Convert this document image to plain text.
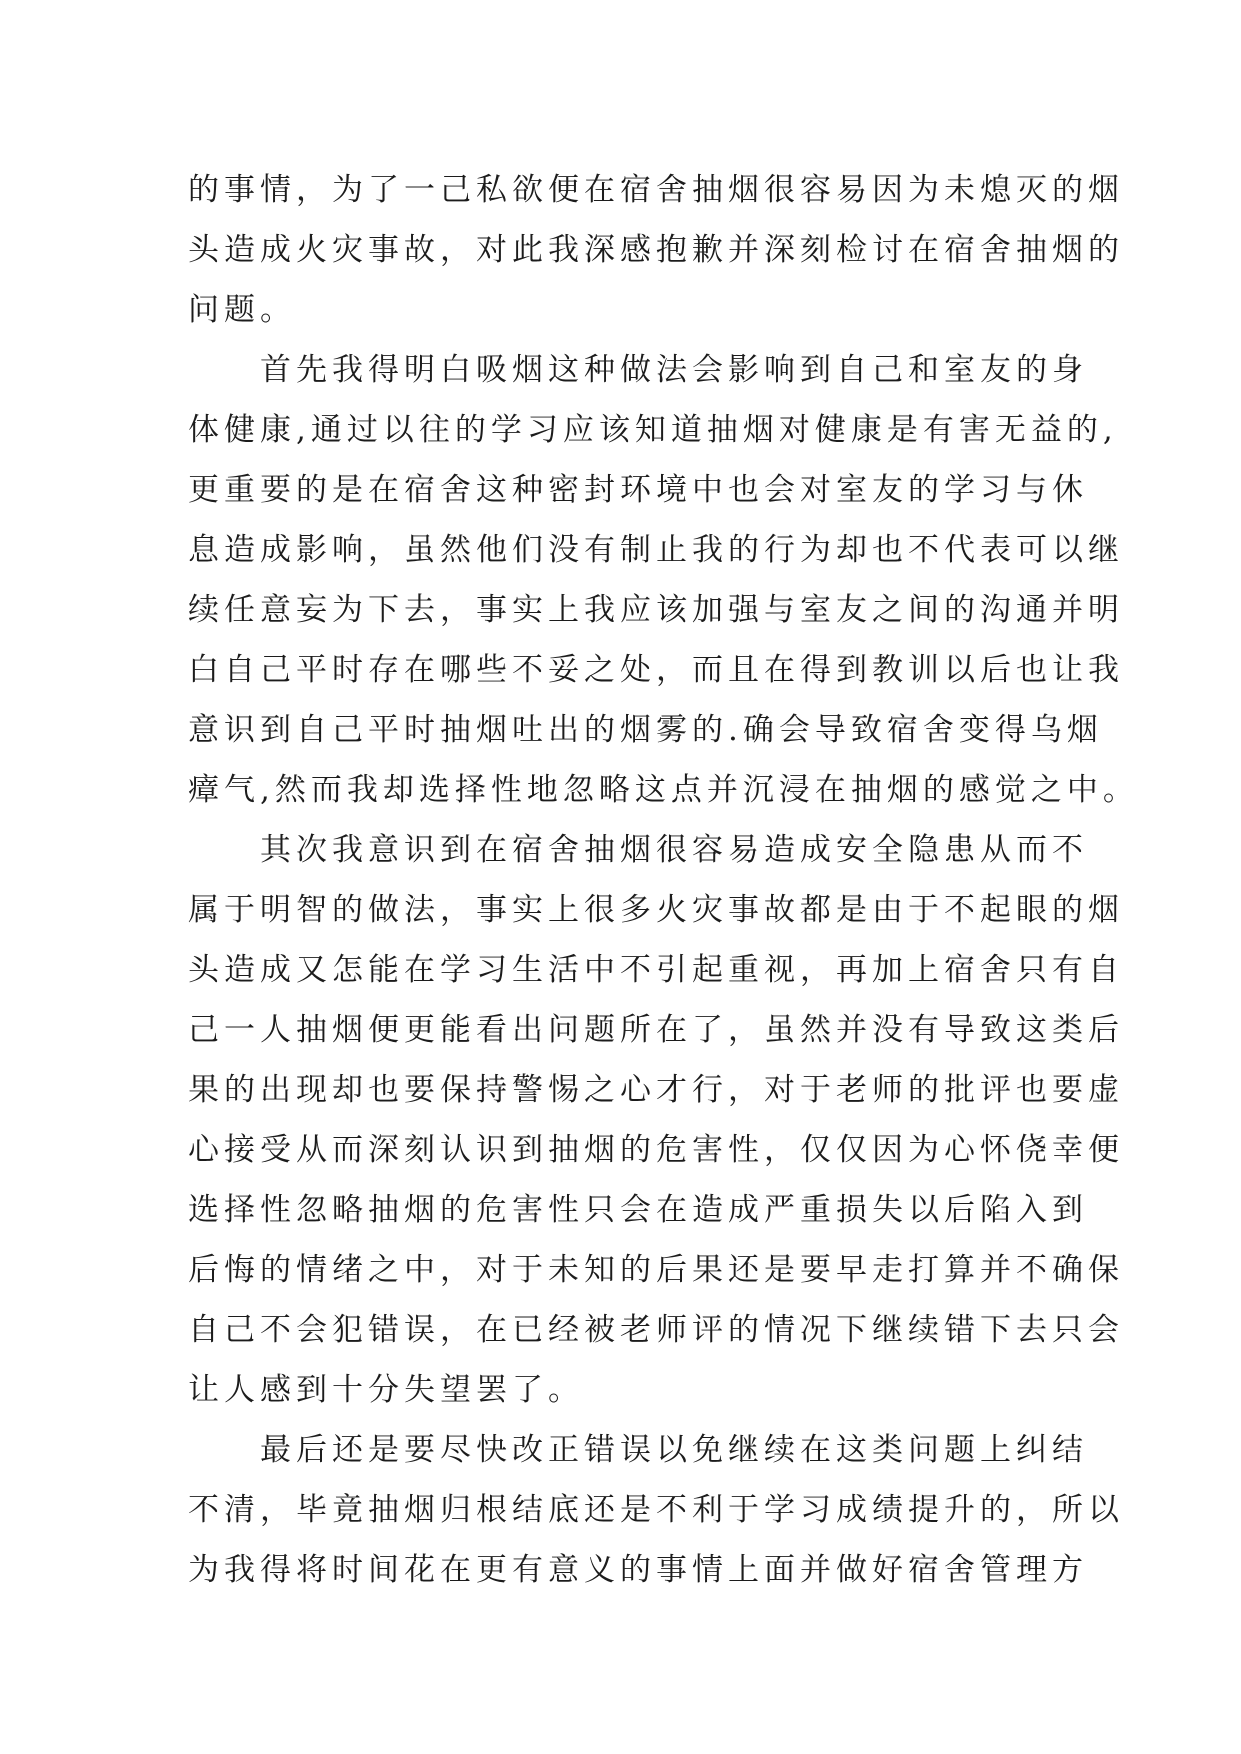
的事情，为了一己私欲便在宿舍抽烟很容易因为未熄灭的烟
头造成火灾事故，对此我深感抱歉并深刻检讨在宿舍抽烟的
问题。
首先我得明白吸烟这种做法会影响到自己和室友的身
体健康,通过以往的学习应该知道抽烟对健康是有害无益的,
更重要的是在宿舍这种密封环境中也会对室友的学习与休
息造成影响，虽然他们没有制止我的行为却也不代表可以继
续任意妄为下去，事实上我应该加强与室友之间的沟通并明
白自己平时存在哪些不妥之处，而且在得到教训以后也让我
意识到自己平时抽烟吐出的烟雾的.确会导致宿舍变得乌烟
瘴气,然而我却选择性地忽略这点并沉浸在抽烟的感觉之中。
其次我意识到在宿舍抽烟很容易造成安全隐患从而不
属于明智的做法，事实上很多火灾事故都是由于不起眼的烟
头造成又怎能在学习生活中不引起重视，再加上宿舍只有自
己一人抽烟便更能看出问题所在了，虽然并没有导致这类后
果的出现却也要保持警惕之心才行，对于老师的批评也要虚
心接受从而深刻认识到抽烟的危害性，仅仅因为心怀侥幸便
选择性忽略抽烟的危害性只会在造成严重损失以后陷入到
后悔的情绪之中，对于未知的后果还是要早走打算并不确保
自己不会犯错误，在已经被老师评的情况下继续错下去只会
让人感到十分失望罢了。
最后还是要尽快改正错误以免继续在这类问题上纠结
不清，毕竟抽烟归根结底还是不利于学习成绩提升的，所以
为我得将时间花在更有意义的事情上面并做好宿舍管理方
